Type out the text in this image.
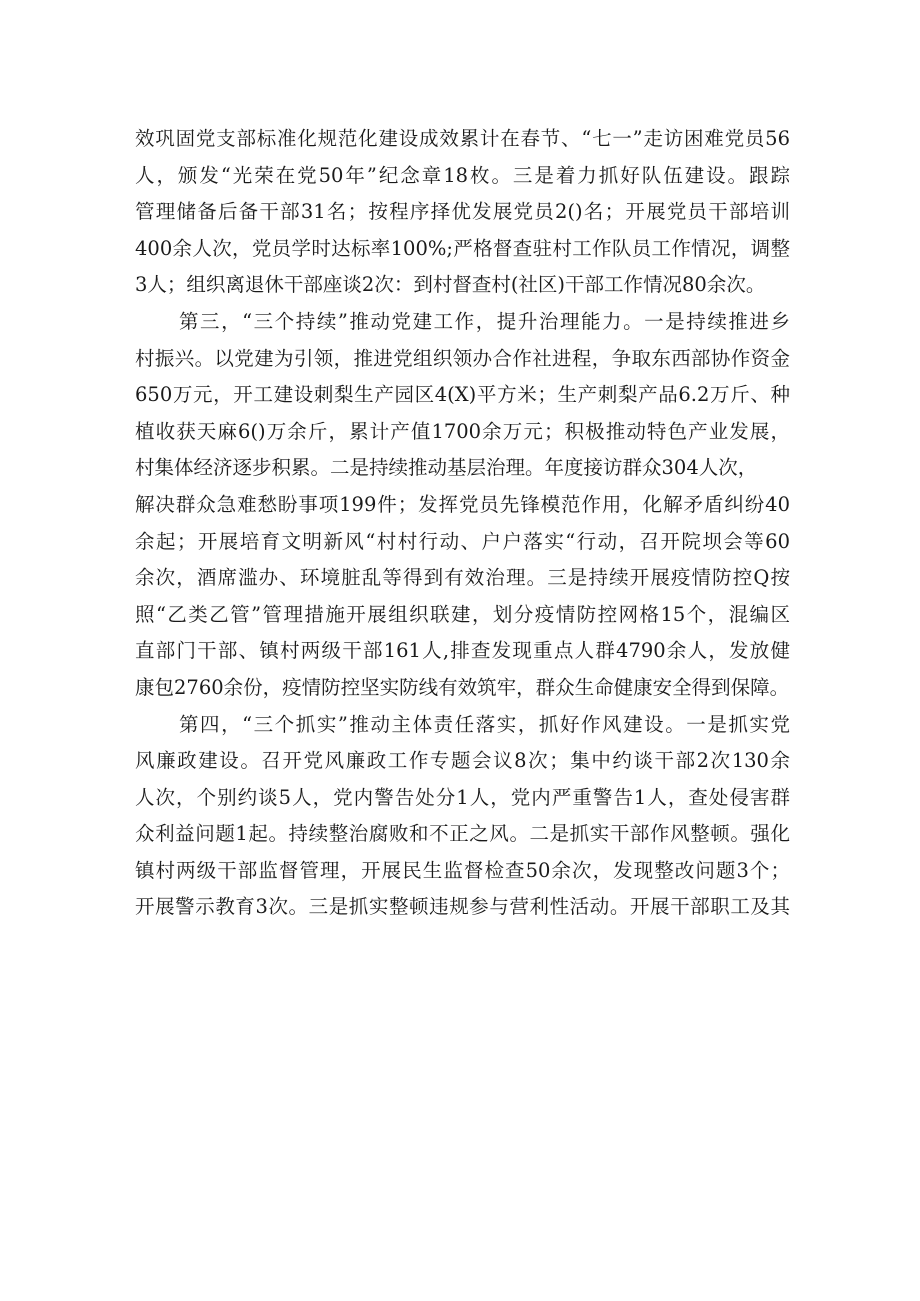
效巩固党支部标准化规范化建设成效累计在春节、“七一”走访困难党员56
人，颁发“光荣在党50年”纪念章18枚。三是着力抓好队伍建设。跟踪
管理储备后备干部31名；按程序择优发展党员2()名；开展党员干部培训
400余人次，党员学时达标率100%;严格督查驻村工作队员工作情况，调整
3人；组织离退休干部座谈2次：到村督查村(社区)干部工作情况80余次。
第三，“三个持续”推动党建工作，提升治理能力。一是持续推进乡
村振兴。以党建为引领，推进党组织领办合作社进程，争取东西部协作资金
650万元，开工建设刺梨生产园区4(X)平方米；生产刺梨产品6.2万斤、种
植收获天麻6()万余斤，累计产值1700余万元；积极推动特色产业发展，
村集体经济逐步积累。二是持续推动基层治理。年度接访群众304人次，
解决群众急难愁盼事项199件；发挥党员先锋模范作用，化解矛盾纠纷40
余起；开展培育文明新风“村村行动、户户落实“行动，召开院坝会等60
余次，酒席滥办、环境脏乱等得到有效治理。三是持续开展疫情防控Q按
照“乙类乙管”管理措施开展组织联建，划分疫情防控网格15个，混编区
直部门干部、镇村两级干部161人,排查发现重点人群4790余人，发放健
康包2760余份，疫情防控坚实防线有效筑牢，群众生命健康安全得到保障。
第四，“三个抓实”推动主体责任落实，抓好作风建设。一是抓实党
风廉政建设。召开党风廉政工作专题会议8次；集中约谈干部2次130余
人次，个别约谈5人，党内警告处分1人，党内严重警告1人，查处侵害群
众利益问题1起。持续整治腐败和不正之风。二是抓实干部作风整顿。强化
镇村两级干部监督管理，开展民生监督检查50余次，发现整改问题3个；
开展警示教育3次。三是抓实整顿违规参与营利性活动。开展干部职工及其
